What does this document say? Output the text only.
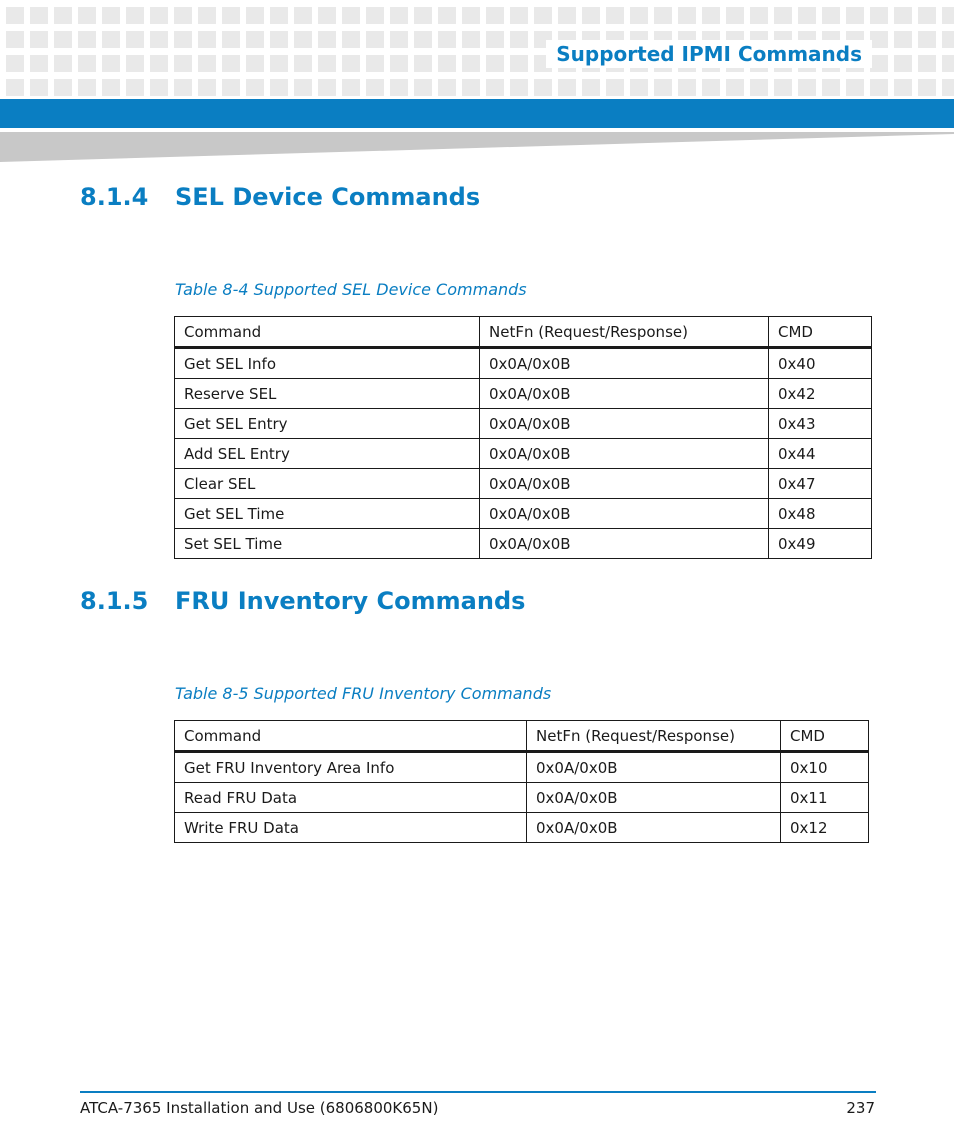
Supported IPMI Commands
8.1.4 SEL Device Commands
Table 8-4 Supported SEL Device Commands
Command	NetFn (Request/Response)	CMD
Get SEL Info	0x0A/0x0B	0x40
Reserve SEL	0x0A/0x0B	0x42
Get SEL Entry	0x0A/0x0B	0x43
Add SEL Entry	0x0A/0x0B	0x44
Clear SEL	0x0A/0x0B	0x47
Get SEL Time	0x0A/0x0B	0x48
Set SEL Time	0x0A/0x0B	0x49
8.1.5 FRU Inventory Commands
Table 8-5 Supported FRU Inventory Commands
Command	NetFn (Request/Response)	CMD
Get FRU Inventory Area Info	0x0A/0x0B	0x10
Read FRU Data	0x0A/0x0B	0x11
Write FRU Data	0x0A/0x0B	0x12
ATCA-7365 Installation and Use (6806800K65N)	237
